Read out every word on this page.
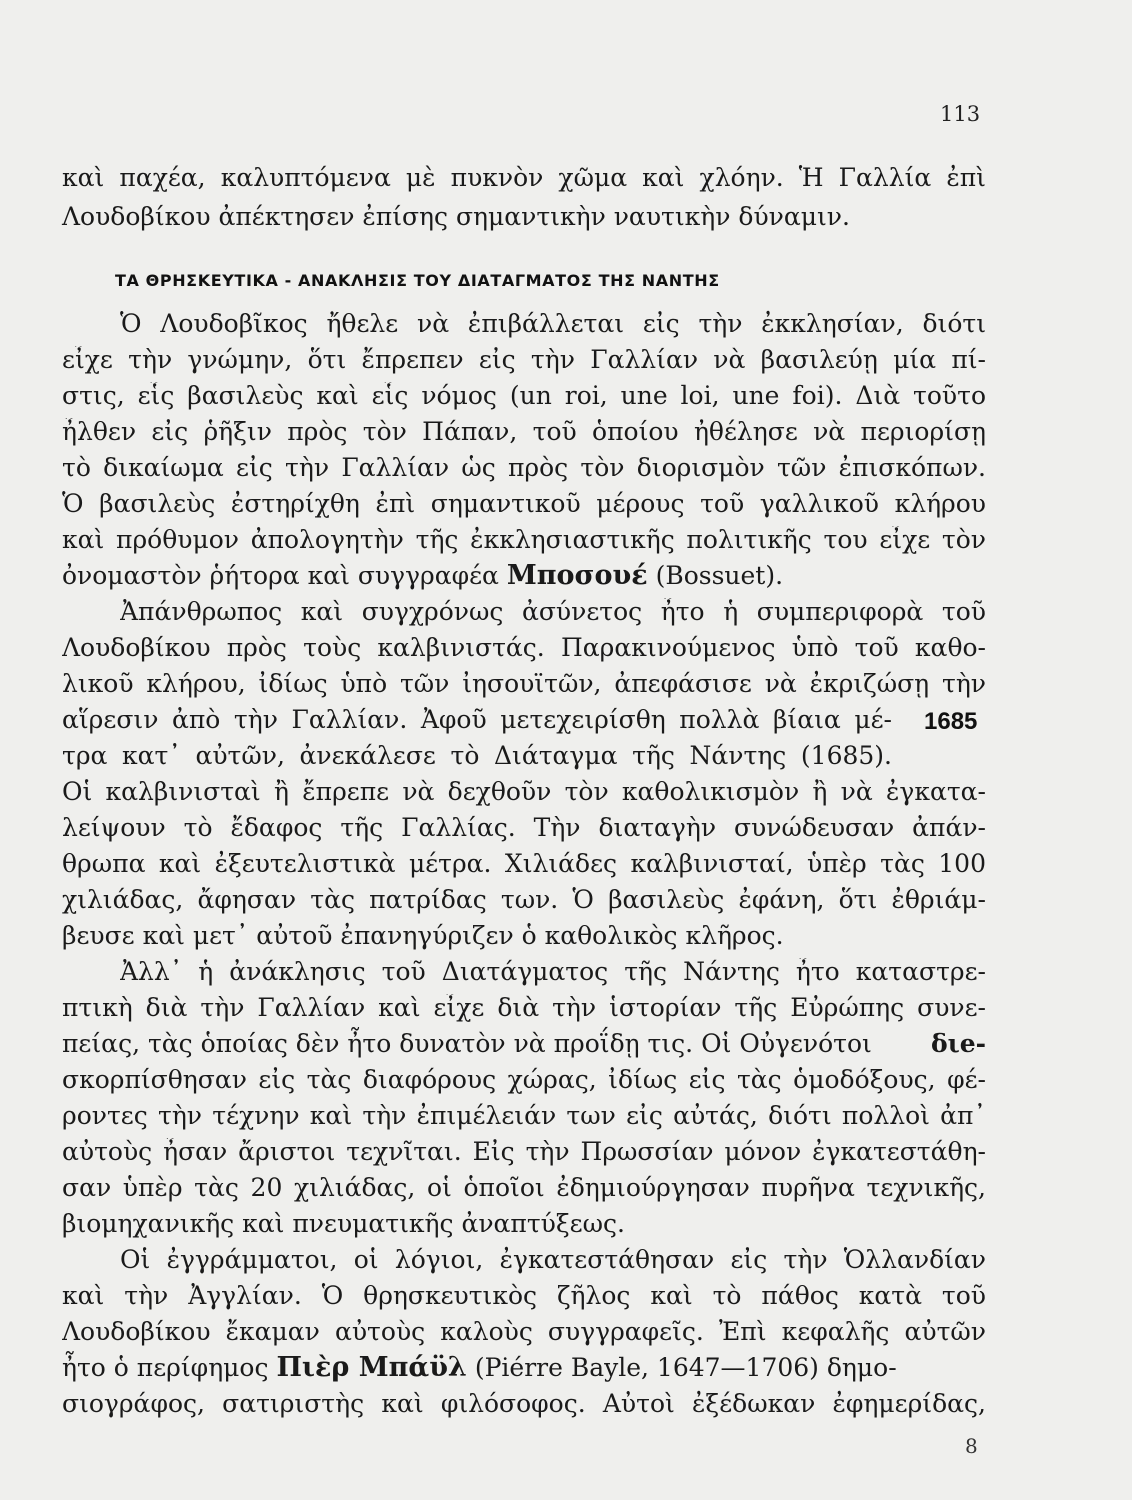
113
καὶ παχέα, καλυπτόμενα μὲ πυκνὸν χῶμα καὶ χλόην. Ἡ Γαλλία ἐπὶ
Λουδοβίκου ἀπέκτησεν ἐπίσης σημαντικὴν ναυτικὴν δύναμιν.
ΤΑ ΘΡΗΣΚΕΥΤΙΚΑ - ΑΝΑΚΛΗΣΙΣ ΤΟΥ ΔΙΑΤΑΓΜΑΤΟΣ ΤΗΣ ΝΑΝΤΗΣ
Ὁ Λουδοβῖκος ἤθελε νὰ ἐπιβάλλεται εἰς τὴν ἐκκλησίαν, διότι
εἶχε τὴν γνώμην, ὅτι ἔπρεπεν εἰς τὴν Γαλλίαν νὰ βασιλεύῃ μία πί-
στις, εἷς βασιλεὺς καὶ εἷς νόμος (un roi, une loi, une foi). Διὰ τοῦτο
ἦλθεν εἰς ῥῆξιν πρὸς τὸν Πάπαν, τοῦ ὁποίου ἠθέλησε νὰ περιορίσῃ
τὸ δικαίωμα εἰς τὴν Γαλλίαν ὡς πρὸς τὸν διορισμὸν τῶν ἐπισκόπων.
Ὁ βασιλεὺς ἐστηρίχθη ἐπὶ σημαντικοῦ μέρους τοῦ γαλλικοῦ κλήρου
καὶ πρόθυμον ἀπολογητὴν τῆς ἐκκλησιαστικῆς πολιτικῆς του εἶχε τὸν
ὀνομαστὸν ῥήτορα καὶ συγγραφέα Μποσουέ (Bossuet).
Ἀπάνθρωπος καὶ συγχρόνως ἀσύνετος ἦτο ἡ συμπεριφορὰ τοῦ
Λουδοβίκου πρὸς τοὺς καλβινιστάς. Παρακινούμενος ὑπὸ τοῦ καθο-
λικοῦ κλήρου, ἰδίως ὑπὸ τῶν ἰησουϊτῶν, ἀπεφάσισε νὰ ἐκριζώσῃ τὴν
αἵρεσιν ἀπὸ τὴν Γαλλίαν. Ἀφοῦ μετεχειρίσθη πολλὰ βίαια μέ-
τρα κατ᾽ αὐτῶν, ἀνεκάλεσε τὸ Διάταγμα τῆς Νάντης (1685).
1685
Οἱ καλβινισταὶ ἢ ἔπρεπε νὰ δεχθοῦν τὸν καθολικισμὸν ἢ νὰ ἐγκατα-
λείψουν τὸ ἔδαφος τῆς Γαλλίας. Τὴν διαταγὴν συνώδευσαν ἀπάν-
θρωπα καὶ ἐξευτελιστικὰ μέτρα. Χιλιάδες καλβινισταί, ὑπὲρ τὰς 100
χιλιάδας, ἄφησαν τὰς πατρίδας των. Ὁ βασιλεὺς ἐφάνη, ὅτι ἐθριάμ-
βευσε καὶ μετ᾽ αὐτοῦ ἐπανηγύριζεν ὁ καθολικὸς κλῆρος.
Ἀλλ᾽ ἡ ἀνάκλησις τοῦ Διατάγματος τῆς Νάντης ἦτο καταστρε-
πτικὴ διὰ τὴν Γαλλίαν καὶ εἶχε διὰ τὴν ἱστορίαν τῆς Εὐρώπης συνε-
πείας, τὰς ὁποίας δὲν ἦτο δυνατὸν νὰ προΐδῃ τις. Οἱ Οὐγενότοι διе-
σκορπίσθησαν εἰς τὰς διαφόρους χώρας, ἰδίως εἰς τὰς ὁμοδόξους, φέ-
ροντες τὴν τέχνην καὶ τὴν ἐπιμέλειάν των εἰς αὐτάς, διότι πολλοὶ ἀπ᾽
αὐτοὺς ἦσαν ἄριστοι τεχνῖται. Εἰς τὴν Πρωσσίαν μόνον ἐγκατεστάθη-
σαν ὑπὲρ τὰς 20 χιλιάδας, οἱ ὁποῖοι ἐδημιούργησαν πυρῆνα τεχνικῆς,
βιομηχανικῆς καὶ πνευματικῆς ἀναπτύξεως.
Οἱ ἐγγράμματοι, οἱ λόγιοι, ἐγκατεστάθησαν εἰς τὴν Ὁλλανδίαν
καὶ τὴν Ἀγγλίαν. Ὁ θρησκευτικὸς ζῆλος καὶ τὸ πάθος κατὰ τοῦ
Λουδοβίκου ἔκαμαν αὐτοὺς καλοὺς συγγραφεῖς. Ἐπὶ κεφαλῆς αὐτῶν
ἦτο ὁ περίφημος Πιὲρ Μπάϋλ (Piérre Bayle, 1647—1706) δημο-
σιογράφος, σατιριστὴς καὶ φιλόσοφος. Αὐτοὶ ἐξέδωκαν ἐφημερίδας,
8
